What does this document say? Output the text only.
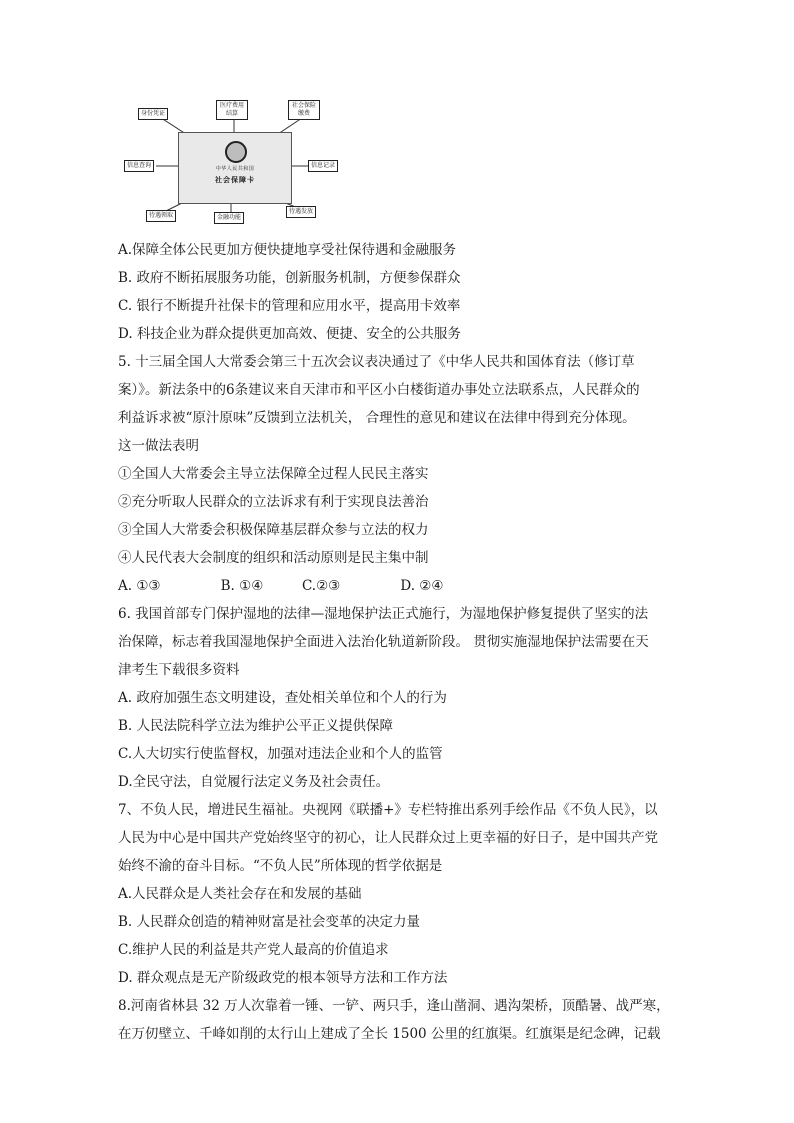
中华人民共和国
社会保障卡
身份凭证
医疗费用结算
社会保险缴费
信息查询	信息记录
待遇领取	金融功能
待遇发放
A.保障全体公民更加方便快捷地享受社保待遇和金融服务
B. 政府不断拓展服务功能，创新服务机制，方便参保群众
C. 银行不断提升社保卡的管理和应用水平，提高用卡效率
D. 科技企业为群众提供更加高效、便捷、安全的公共服务
5. 十三届全国人大常委会第三十五次会议表决通过了《中华人民共和国体育法（修订草
案）》。新法条中的6条建议来自天津市和平区小白楼街道办事处立法联系点，人民群众的
利益诉求被“原汁原味”反馈到立法机关， 合理性的意见和建议在法律中得到充分体现。
这一做法表明
①全国人大常委会主导立法保障全过程人民民主落实
②充分听取人民群众的立法诉求有利于实现良法善治
③全国人大常委会积极保障基层群众参与立法的权力
④人民代表大会制度的组织和活动原则是民主集中制
A. ①③              B. ①④         C.②③              D. ②④
6. 我国首部专门保护湿地的法律—湿地保护法正式施行，为湿地保护修复提供了坚实的法
治保障，标志着我国湿地保护全面进入法治化轨道新阶段。 贯彻实施湿地保护法需要在天
津考生下载很多资料
A. 政府加强生态文明建设，查处相关单位和个人的行为
B. 人民法院科学立法为维护公平正义提供保障
C.人大切实行使监督权，加强对违法企业和个人的监管
D.全民守法，自觉履行法定义务及社会责任。
7、不负人民，增进民生福祉。央视网《联播+》专栏特推出系列手绘作品《不负人民》，以
人民为中心是中国共产党始终坚守的初心，让人民群众过上更幸福的好日子，是中国共产党
始终不渝的奋斗目标。“不负人民”所体现的哲学依据是
A.人民群众是人类社会存在和发展的基础
B. 人民群众创造的精神财富是社会变革的决定力量
C.维护人民的利益是共产党人最高的价值追求
D. 群众观点是无产阶级政党的根本领导方法和工作方法
8.河南省林县 32 万人次靠着一锤、一铲、两只手，逢山凿洞、遇沟架桥，顶酷暑、战严寒，
在万仞壁立、千峰如削的太行山上建成了全长 1500 公里的红旗渠。红旗渠是纪念碑，记载
